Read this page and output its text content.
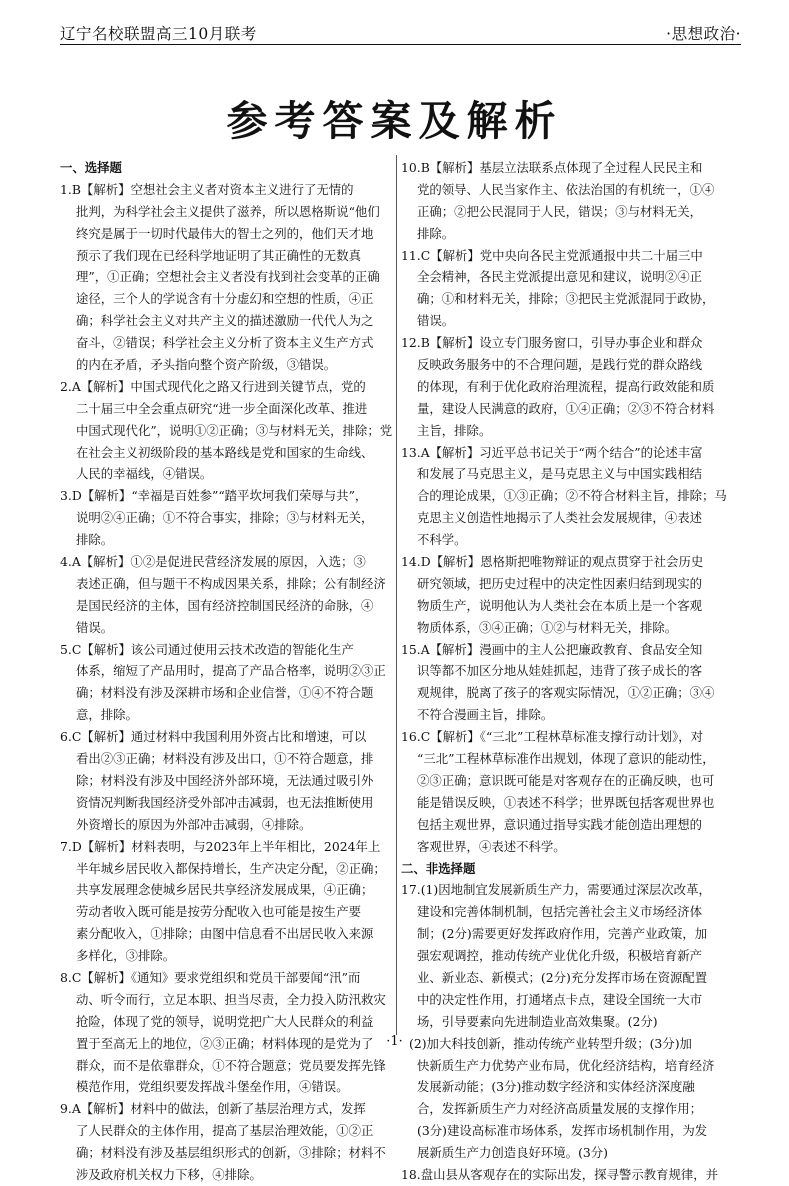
辽宁名校联盟高三10月联考	·思想政治·
参考答案及解析
一、选择题
1.B【解析】空想社会主义者对资本主义进行了无情的
批判，为科学社会主义提供了滋养，所以恩格斯说“他们
终究是属于一切时代最伟大的智士之列的，他们天才地
预示了我们现在已经科学地证明了其正确性的无数真
理”，①正确；空想社会主义者没有找到社会变革的正确
途径，三个人的学说含有十分虚幻和空想的性质，④正
确；科学社会主义对共产主义的描述激励一代代人为之
奋斗，②错误；科学社会主义分析了资本主义生产方式
的内在矛盾，矛头指向整个资产阶级，③错误。
2.A【解析】中国式现代化之路又行进到关键节点，党的
二十届三中全会重点研究“进一步全面深化改革、推进
中国式现代化”，说明①②正确；③与材料无关，排除；党
在社会主义初级阶段的基本路线是党和国家的生命线、
人民的幸福线，④错误。
3.D【解析】“幸福是百姓参”“踏平坎坷我们荣辱与共”，
说明②④正确；①不符合事实，排除；③与材料无关，
排除。
4.A【解析】①②是促进民营经济发展的原因，入选；③
表述正确，但与题干不构成因果关系，排除；公有制经济
是国民经济的主体，国有经济控制国民经济的命脉，④
错误。
5.C【解析】该公司通过使用云技术改造的智能化生产
体系，缩短了产品用时，提高了产品合格率，说明②③正
确；材料没有涉及深耕市场和企业信誉，①④不符合题
意，排除。
6.C【解析】通过材料中我国利用外资占比和增速，可以
看出②③正确；材料没有涉及出口，①不符合题意，排
除；材料没有涉及中国经济外部环境，无法通过吸引外
资情况判断我国经济受外部冲击减弱，也无法推断使用
外资增长的原因为外部冲击减弱，④排除。
7.D【解析】材料表明，与2023年上半年相比，2024年上
半年城乡居民收入都保持增长，生产决定分配，②正确；
共享发展理念使城乡居民共享经济发展成果，④正确；
劳动者收入既可能是按劳分配收入也可能是按生产要
素分配收入，①排除；由图中信息看不出居民收入来源
多样化，③排除。
8.C【解析】《通知》要求党组织和党员干部要闻“汛”而
动、听令而行，立足本职、担当尽责，全力投入防汛救灾
抢险，体现了党的领导，说明党把广大人民群众的利益
置于至高无上的地位，②③正确；材料体现的是党为了
群众，而不是依靠群众，①不符合题意；党员要发挥先锋
模范作用，党组织要发挥战斗堡垒作用，④错误。
9.A【解析】材料中的做法，创新了基层治理方式，发挥
了人民群众的主体作用，提高了基层治理效能，①②正
确；材料没有涉及基层组织形式的创新，③排除；材料不
涉及政府机关权力下移，④排除。
10.B【解析】基层立法联系点体现了全过程人民民主和
党的领导、人民当家作主、依法治国的有机统一，①④
正确；②把公民混同于人民，错误；③与材料无关，
排除。
11.C【解析】党中央向各民主党派通报中共二十届三中
全会精神，各民主党派提出意见和建议，说明②④正
确；①和材料无关，排除；③把民主党派混同于政协，
错误。
12.B【解析】设立专门服务窗口，引导办事企业和群众
反映政务服务中的不合理问题，是践行党的群众路线
的体现，有利于优化政府治理流程，提高行政效能和质
量，建设人民满意的政府，①④正确；②③不符合材料
主旨，排除。
13.A【解析】习近平总书记关于“两个结合”的论述丰富
和发展了马克思主义，是马克思主义与中国实践相结
合的理论成果，①③正确；②不符合材料主旨，排除；马
克思主义创造性地揭示了人类社会发展规律，④表述
不科学。
14.D【解析】恩格斯把唯物辩证的观点贯穿于社会历史
研究领域，把历史过程中的决定性因素归结到现实的
物质生产，说明他认为人类社会在本质上是一个客观
物质体系，③④正确；①②与材料无关，排除。
15.A【解析】漫画中的主人公把廉政教育、食品安全知
识等都不加区分地从娃娃抓起，违背了孩子成长的客
观规律，脱离了孩子的客观实际情况，①②正确；③④
不符合漫画主旨，排除。
16.C【解析】《“三北”工程林草标准支撑行动计划》，对
“三北”工程林草标准作出规划，体现了意识的能动性，
②③正确；意识既可能是对客观存在的正确反映，也可
能是错误反映，①表述不科学；世界既包括客观世界也
包括主观世界，意识通过指导实践才能创造出理想的
客观世界，④表述不科学。
二、非选择题
17.(1)因地制宜发展新质生产力，需要通过深层次改革，
建设和完善体制机制，包括完善社会主义市场经济体
制；(2分)需要更好发挥政府作用，完善产业政策，加
强宏观调控，推动传统产业优化升级，积极培育新产
业、新业态、新模式；(2分)充分发挥市场在资源配置
中的决定性作用，打通堵点卡点，建设全国统一大市
场，引导要素向先进制造业高效集聚。(2分)
(2)加大科技创新，推动传统产业转型升级；(3分)加
快新质生产力优势产业布局，优化经济结构，培育经济
发展新动能；(3分)推动数字经济和实体经济深度融
合，发挥新质生产力对经济高质量发展的支撑作用；
(3分)建设高标准市场体系，发挥市场机制作用，为发
展新质生产力创造良好环境。(3分)
18.盘山县从客观存在的实际出发，探寻警示教育规律，并
·1·
